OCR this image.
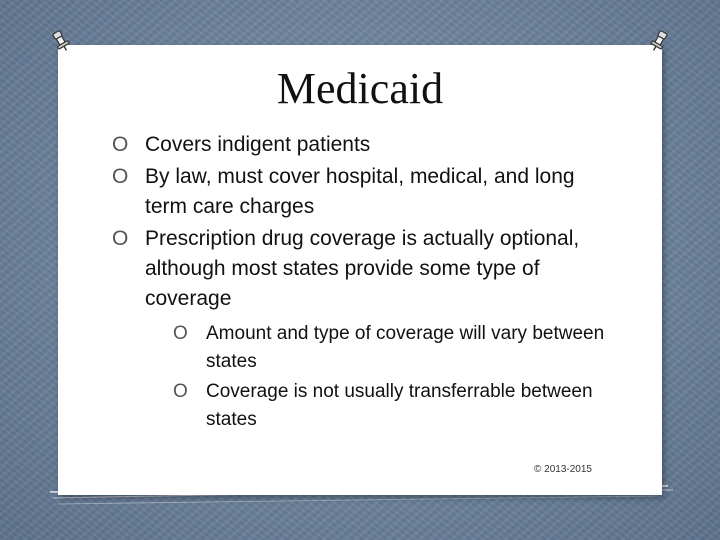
Medicaid
O Covers indigent patients
O By law, must cover hospital, medical, and long term care charges
O Prescription drug coverage is actually optional, although most states provide some type of coverage
O Amount and type of coverage will vary between states
O Coverage is not usually transferrable between states
© 2013-2015
